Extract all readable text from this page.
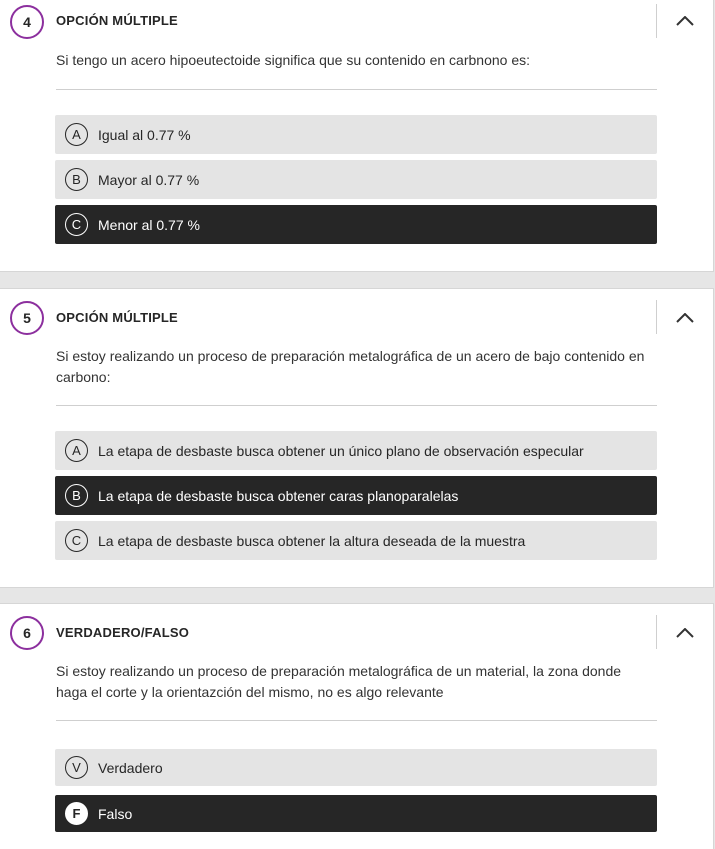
4	OPCIÓN MÚLTIPLE
Si tengo un acero hipoeutectoide significa que su contenido en carbnono es:
A	Igual al 0.77 %
B	Mayor al 0.77 %
C	Menor al 0.77 %
5	OPCIÓN MÚLTIPLE
Si estoy realizando un proceso de preparación metalográfica de un acero de bajo contenido en carbono:
A	La etapa de desbaste busca obtener un único plano de observación especular
B	La etapa de desbaste busca obtener caras planoparalelas
C	La etapa de desbaste busca obtener la altura deseada de la muestra
6	VERDADERO/FALSO
Si estoy realizando un proceso de preparación metalográfica de un material, la zona donde haga el corte y la orientazción del mismo, no es algo relevante
V	Verdadero
F	Falso
